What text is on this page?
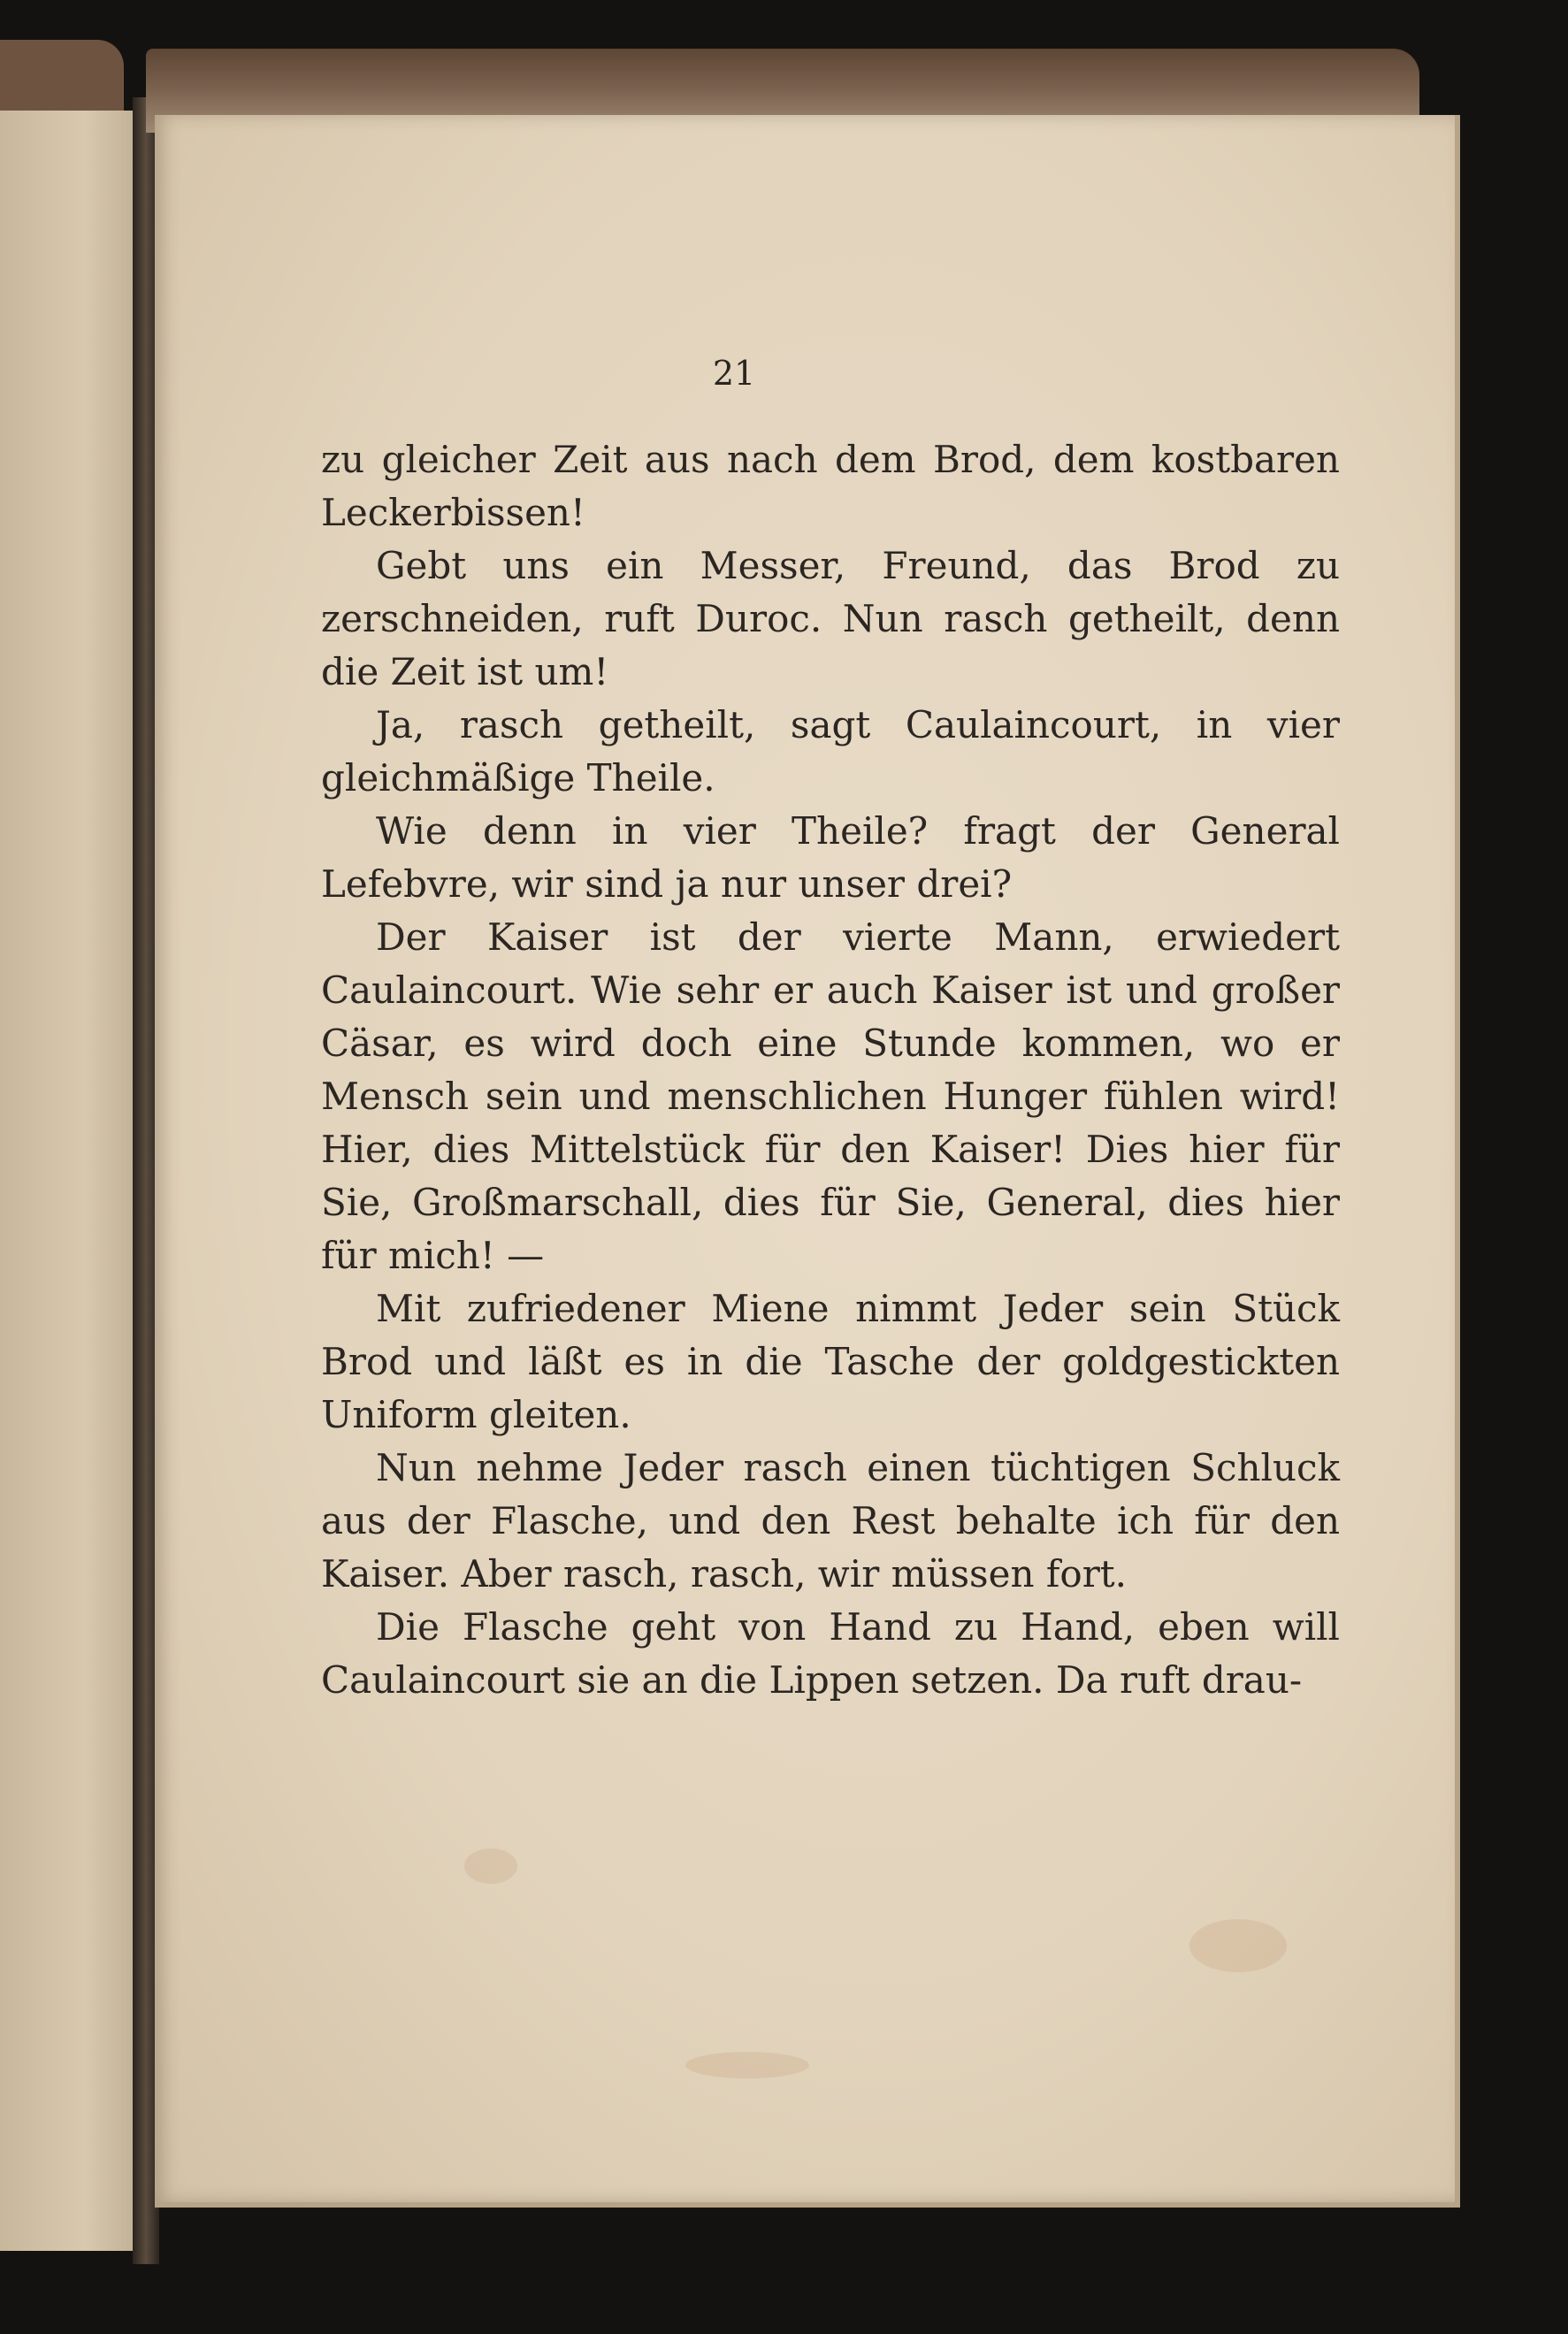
21

zu gleicher Zeit aus nach dem Brod, dem kostbaren Leckerbissen!

Gebt uns ein Messer, Freund, das Brod zu zerschneiden, ruft Duroc. Nun rasch getheilt, denn die Zeit ist um!

Ja, rasch getheilt, sagt Caulaincourt, in vier gleichmäßige Theile.

Wie denn in vier Theile? fragt der General Lefebvre, wir sind ja nur unser drei?

Der Kaiser ist der vierte Mann, erwiedert Caulaincourt. Wie sehr er auch Kaiser ist und großer Cäsar, es wird doch eine Stunde kommen, wo er Mensch sein und menschlichen Hunger fühlen wird! Hier, dies Mittelstück für den Kaiser! Dies hier für Sie, Großmarschall, dies für Sie, General, dies hier für mich! —

Mit zufriedener Miene nimmt Jeder sein Stück Brod und läßt es in die Tasche der goldgestickten Uniform gleiten.

Nun nehme Jeder rasch einen tüchtigen Schluck aus der Flasche, und den Rest behalte ich für den Kaiser. Aber rasch, rasch, wir müssen fort.

Die Flasche geht von Hand zu Hand, eben will Caulaincourt sie an die Lippen setzen. Da ruft drau-
